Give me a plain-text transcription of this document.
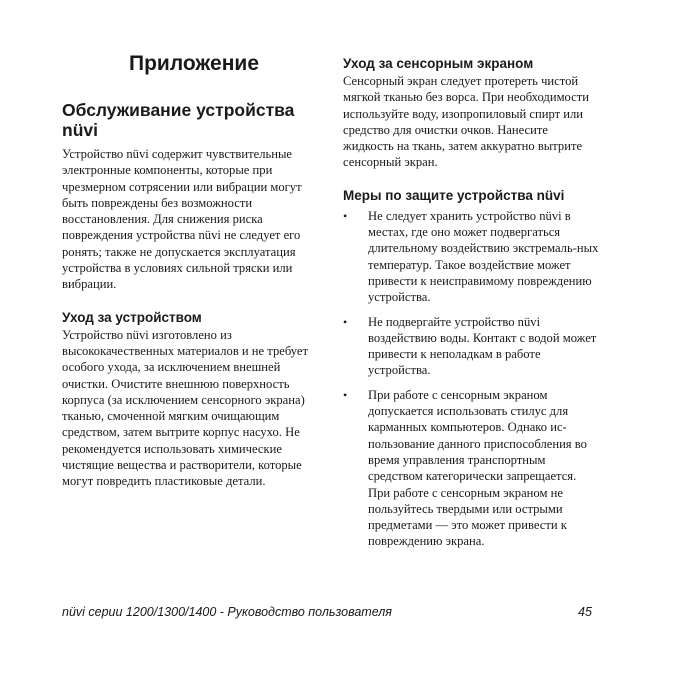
Приложение
Обслуживание устройства nüvi

Устройство nüvi содержит чувствительные электронные компоненты, которые при чрезмерном сотрясении или вибрации могут быть повреждены без возможности восстановления. Для снижения риска повреждения устройства nüvi не следует его ронять; также не допускается эксплуатация устройства в условиях сильной тряски или вибрации.

Уход за устройством

Устройство nüvi изготовлено из высококачественных материалов и не требует особого ухода, за исключением внешней очистки. Очистите внешнюю поверхность корпуса (за исключением сенсорного экрана) тканью, смоченной мягким очищающим средством, затем вытрите корпус насухо. Не рекомендуется использовать химические чистящие вещества и растворители, которые могут повредить пластиковые детали.

Уход за сенсорным экраном

Сенсорный экран следует протереть чистой мягкой тканью без ворса. При необходимости используйте воду, изопропиловый спирт или средство для очистки очков. Нанесите жидкость на ткань, затем аккуратно вытрите сенсорный экран.

Меры по защите устройства nüvi
• Не следует хранить устройство nüvi в местах, где оно может подвергаться длительному воздействию экстремаль-ных температур. Такое воздействие может привести к неисправимому повреждению устройства.
• Не подвергайте устройство nüvi воздействию воды. Контакт с водой может привести к неполадкам в работе устройства.
• При работе с сенсорным экраном допускается использовать стилус для карманных компьютеров. Однако ис-пользование данного приспособления во время управления транспортным средством категорически запрещается. При работе с сенсорным экраном не пользуйтесь твердыми или острыми предметами — это может привести к повреждению экрана.
nüvi серии 1200/1300/1400 - Руководство пользователя	45
